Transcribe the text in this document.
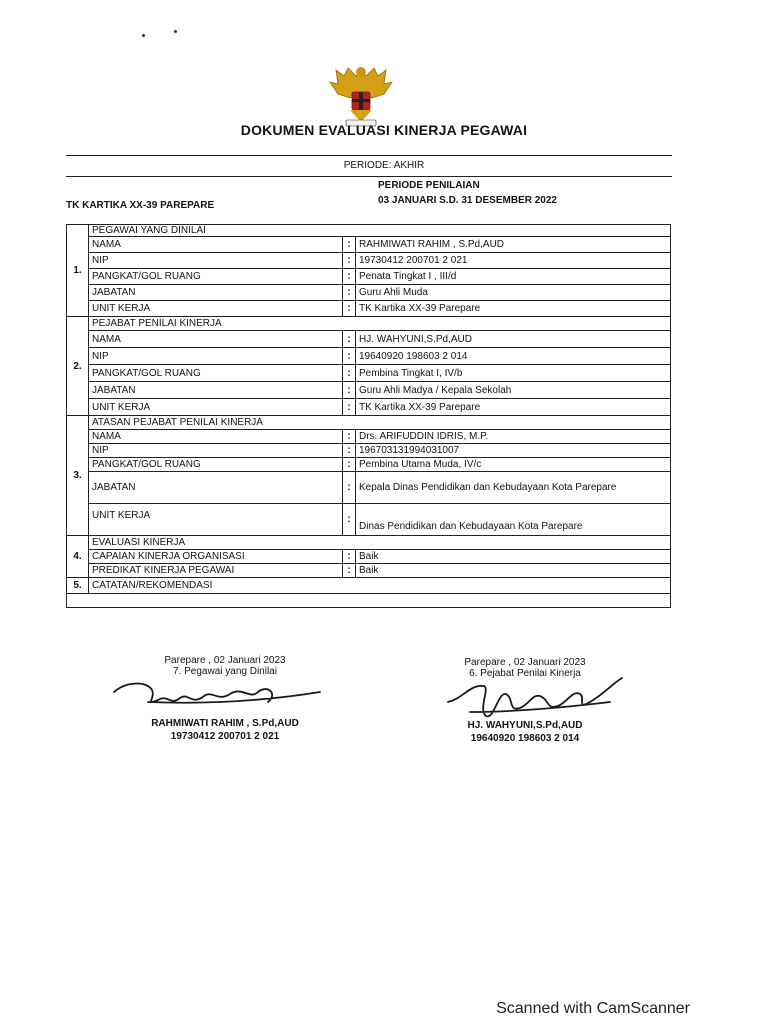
DOKUMEN EVALUASI KINERJA PEGAWAI
PERIODE: AKHIR
PERIODE PENILAIAN
03 JANUARI S.D. 31 DESEMBER 2022
TK KARTIKA XX-39 PAREPARE
1.	PEGAWAI YANG DINILAI		
	NAMA	:	RAHMIWATI RAHIM , S.Pd,AUD
	NIP	:	19730412 200701 2 021
	PANGKAT/GOL RUANG	:	Penata Tingkat I , III/d
	JABATAN	:	Guru Ahli Muda
	UNIT KERJA	:	TK Kartika XX-39 Parepare
2.	PEJABAT PENILAI KINERJA		
	NAMA	:	HJ. WAHYUNI,S.Pd,AUD
	NIP	:	19640920 198603 2 014
	PANGKAT/GOL RUANG	:	Pembina Tingkat I, IV/b
	JABATAN	:	Guru Ahli Madya / Kepala Sekolah
	UNIT KERJA	:	TK Kartika XX-39 Parepare
3.	ATASAN PEJABAT PENILAI KINERJA		
	NAMA	:	Drs. ARIFUDDIN IDRIS, M.P.
	NIP	:	196703131994031007
	PANGKAT/GOL RUANG	:	Pembina Utama Muda, IV/c
	JABATAN	:	Kepala Dinas Pendidikan dan Kebudayaan Kota Parepare
	UNIT KERJA	:	Dinas Pendidikan dan Kebudayaan Kota Parepare
4.	EVALUASI KINERJA		
	CAPAIAN KINERJA ORGANISASI	:	Baik
	PREDIKAT KINERJA PEGAWAI	:	Baik
5.	CATATAN/REKOMENDASI		

Parepare , 02 Januari 2023
7. Pegawai yang Dinilai
RAHMIWATI RAHIM , S.Pd,AUD
19730412 200701 2 021
Parepare , 02 Januari 2023
6. Pejabat Penilai Kinerja
HJ. WAHYUNI,S.Pd,AUD
19640920 198603 2 014
Scanned with CamScanner
